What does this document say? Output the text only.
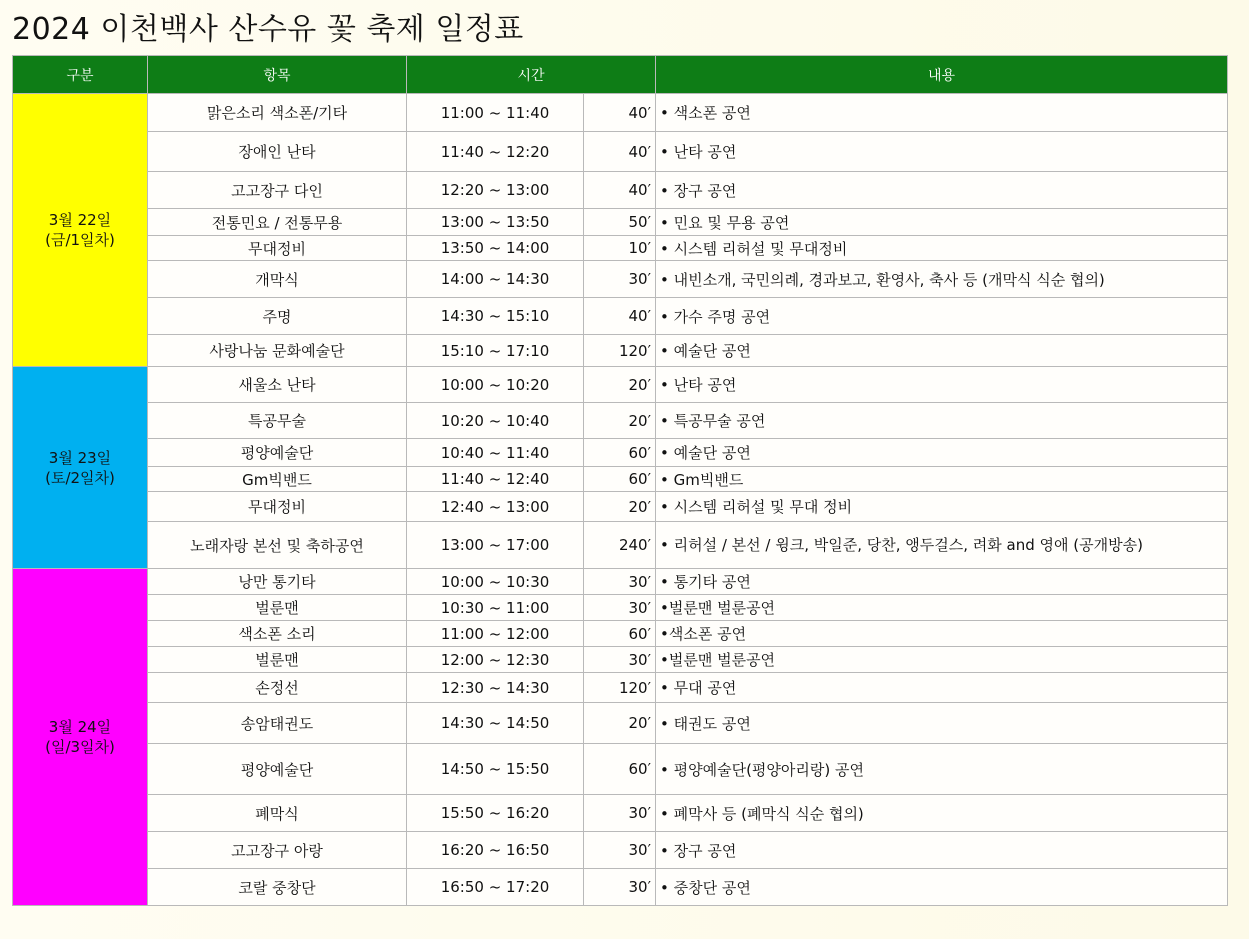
2024 이천백사 산수유 꽃 축제 일정표
구분	항목	시간		내용
3월 22일
(금/1일차)	맑은소리 색소폰/기타	11:00 ~ 11:40	40′	• 색소폰 공연
	장애인 난타	11:40 ~ 12:20	40′	• 난타 공연
	고고장구 다인	12:20 ~ 13:00	40′	• 장구 공연
	전통민요 / 전통무용	13:00 ~ 13:50	50′	• 민요 및 무용 공연
	무대정비	13:50 ~ 14:00	10′	• 시스템 리허설 및 무대정비
	개막식	14:00 ~ 14:30	30′	• 내빈소개, 국민의례, 경과보고, 환영사, 축사 등 (개막식 식순 협의)
	주명	14:30 ~ 15:10	40′	• 가수 주명 공연
	사랑나눔 문화예술단	15:10 ~ 17:10	120′	• 예술단 공연
3월 23일
(토/2일차)	새울소 난타	10:00 ~ 10:20	20′	• 난타 공연
	특공무술	10:20 ~ 10:40	20′	• 특공무술 공연
	평양예술단	10:40 ~ 11:40	60′	• 예술단 공연
	Gm빅밴드	11:40 ~ 12:40	60′	• Gm빅밴드
	무대정비	12:40 ~ 13:00	20′	• 시스템 리허설 및 무대 정비
	노래자랑 본선 및 축하공연	13:00 ~ 17:00	240′	• 리허설 / 본선 / 윙크, 박일준, 당찬, 앵두걸스, 려화 and 영애 (공개방송)
3월 24일
(일/3일차)	낭만 통기타	10:00 ~ 10:30	30′	• 통기타 공연
	벌룬맨	10:30 ~ 11:00	30′	•벌룬맨 벌룬공연
	색소폰 소리	11:00 ~ 12:00	60′	•색소폰 공연
	벌룬맨	12:00 ~ 12:30	30′	•벌룬맨 벌룬공연
	손정선	12:30 ~ 14:30	120′	• 무대 공연
	송암태권도	14:30 ~ 14:50	20′	• 태권도 공연
	평양예술단	14:50 ~ 15:50	60′	• 평양예술단(평양아리랑) 공연
	폐막식	15:50 ~ 16:20	30′	• 폐막사 등 (폐막식 식순 협의)
	고고장구 아랑	16:20 ~ 16:50	30′	• 장구 공연
	코랄 중창단	16:50 ~ 17:20	30′	• 중창단 공연
